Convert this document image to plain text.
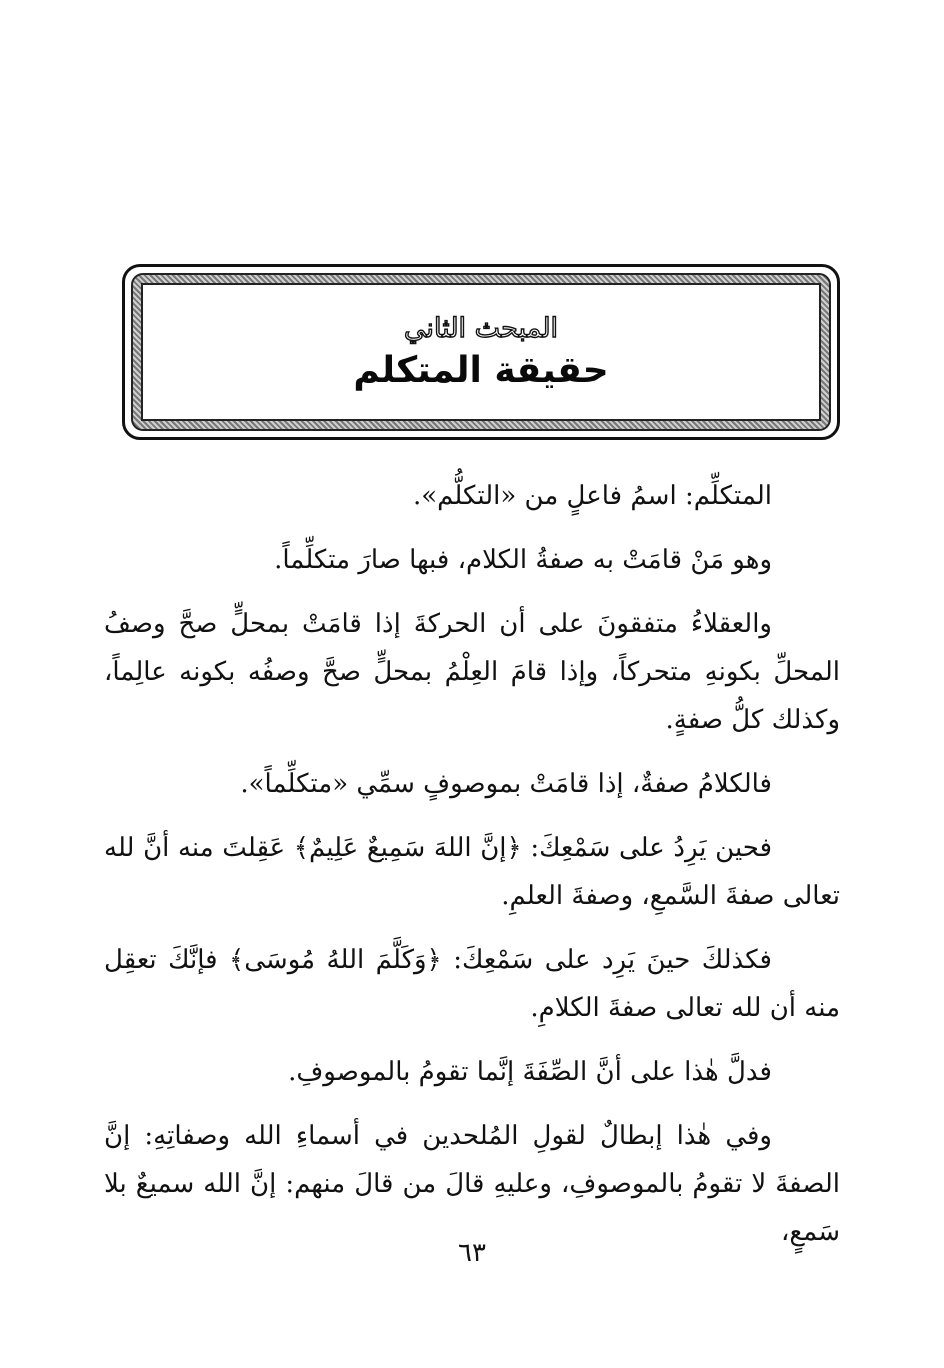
المبحث الثاني
حقيقة المتكلم

المتكلِّم: اسمُ فاعلٍ من «التكلُّم».

وهو مَنْ قامَتْ به صفةُ الكلام، فبها صارَ متكلِّماً.

والعقلاءُ متفقونَ على أن الحركةَ إذا قامَتْ بمحلٍّ صحَّ وصفُ المحلِّ بكونهِ متحركاً، وإذا قامَ العِلْمُ بمحلٍّ صحَّ وصفُه بكونه عالِماً، وكذلك كلُّ صفةٍ.

فالكلامُ صفةٌ، إذا قامَتْ بموصوفٍ سمِّي «متكلِّماً».

فحين يَرِدُ على سَمْعِكَ: ﴿إنَّ اللهَ سَمِيعٌ عَلِيمٌ﴾ عَقِلتَ منه أنَّ لله تعالى صفةَ السَّمعِ، وصفةَ العلمِ.

فكذلكَ حينَ يَرِد على سَمْعِكَ: ﴿وَكَلَّمَ اللهُ مُوسَى﴾ فإنَّكَ تعقِل منه أن لله تعالى صفةَ الكلامِ.

فدلَّ هٰذا على أنَّ الصِّفَةَ إنَّما تقومُ بالموصوفِ.

وفي هٰذا إبطالٌ لقولِ المُلحدين في أسماءِ الله وصفاتِهِ: إنَّ الصفةَ لا تقومُ بالموصوفِ، وعليهِ قالَ من قالَ منهم: إنَّ الله سميعٌ بلا سَمعٍ،

٦٣
